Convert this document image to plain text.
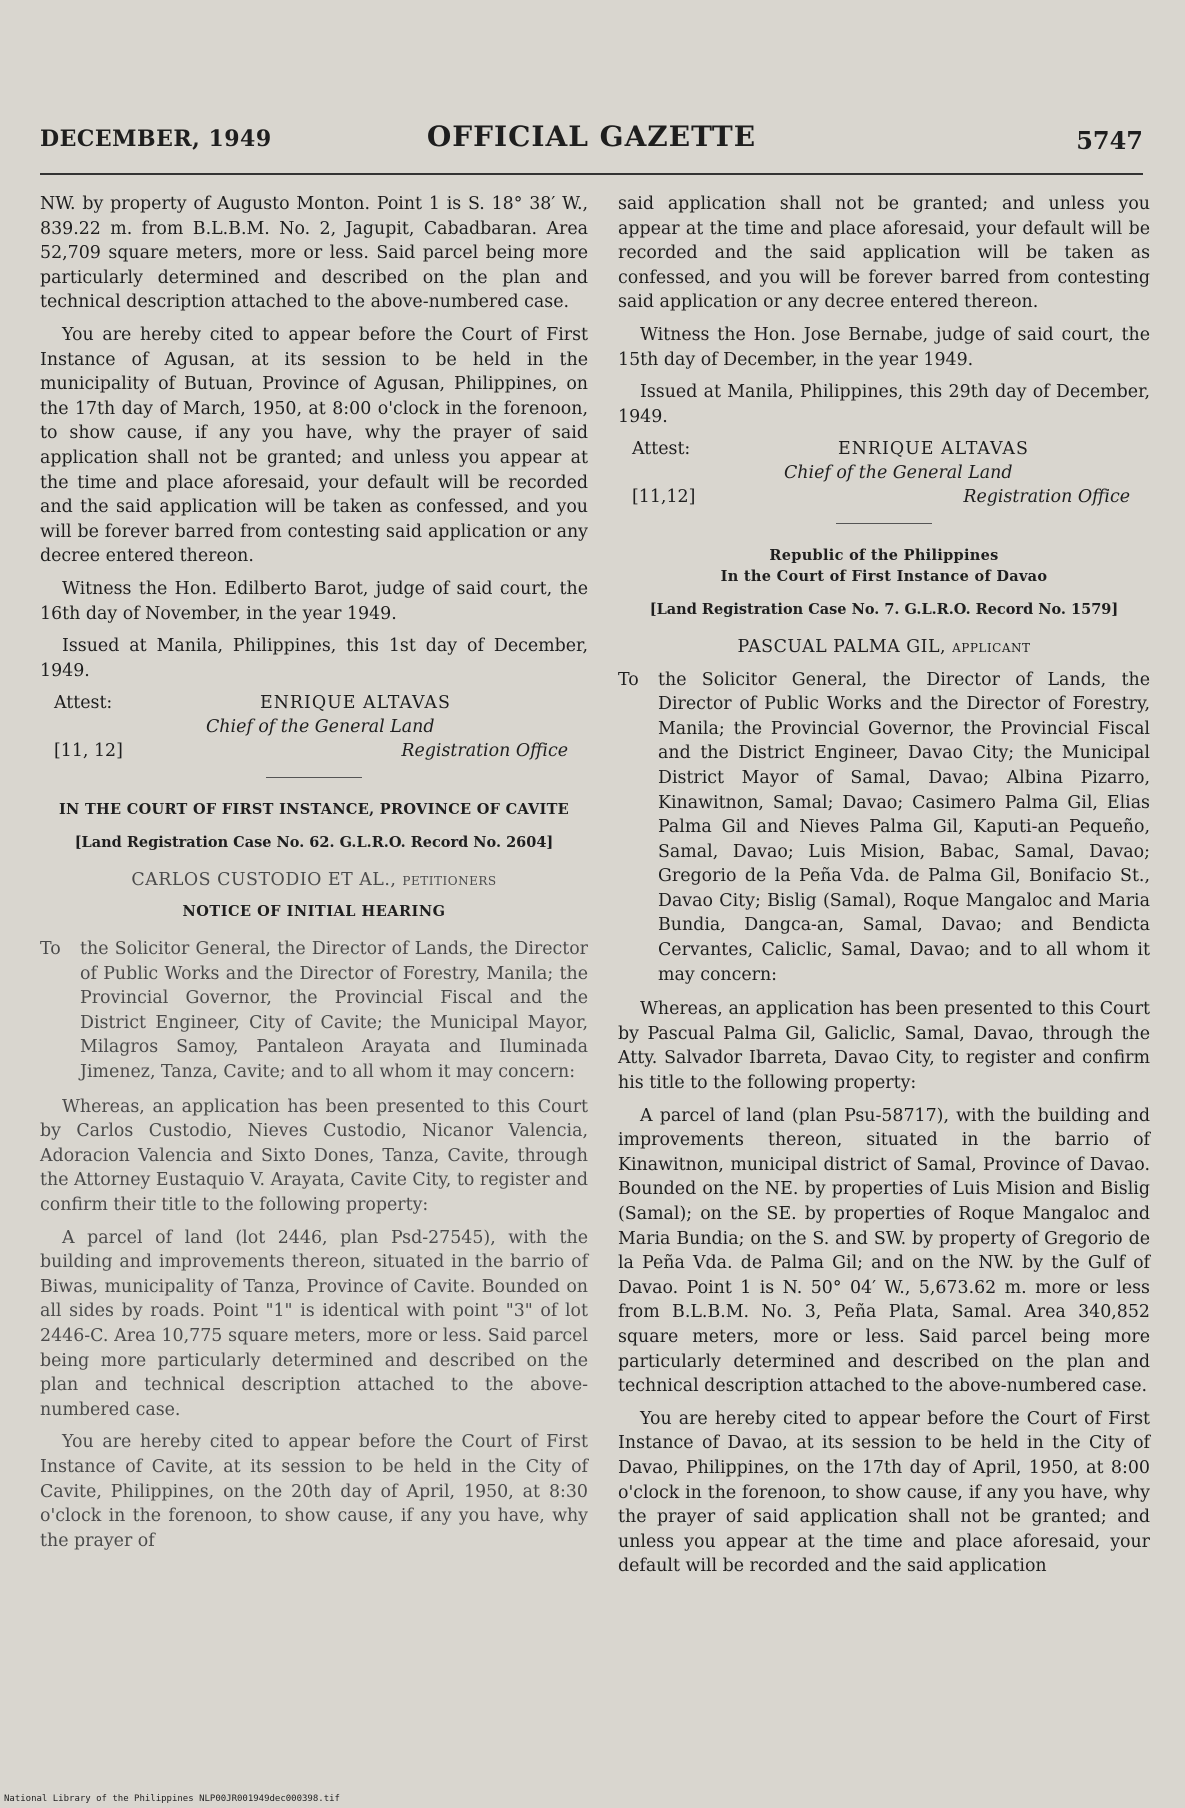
DECEMBER, 1949	OFFICIAL GAZETTE	5747

NW. by property of Augusto Monton. Point 1 is S. 18° 38′ W., 839.22 m. from B.L.B.M. No. 2, Jagupit, Cabadbaran. Area 52,709 square meters, more or less. Said parcel being more particularly determined and described on the plan and technical description attached to the above-numbered case.

You are hereby cited to appear before the Court of First Instance of Agusan, at its session to be held in the municipality of Butuan, Province of Agusan, Philippines, on the 17th day of March, 1950, at 8:00 o'clock in the forenoon, to show cause, if any you have, why the prayer of said application shall not be granted; and unless you appear at the time and place aforesaid, your default will be recorded and the said application will be taken as confessed, and you will be forever barred from contesting said application or any decree entered thereon.

Witness the Hon. Edilberto Barot, judge of said court, the 16th day of November, in the year 1949.

Issued at Manila, Philippines, this 1st day of December, 1949.

Attest:	ENRIQUE ALTAVAS
Chief of the General Land
[11, 12]	Registration Office
IN THE COURT OF FIRST INSTANCE, PROVINCE OF CAVITE
[Land Registration Case No. 62. G.L.R.O. Record No. 2604]
CARLOS CUSTODIO ET AL., petitioners
NOTICE OF INITIAL HEARING
To the Solicitor General, the Director of Lands, the Director of Public Works and the Director of Forestry, Manila; the Provincial Governor, the Provincial Fiscal and the District Engineer, City of Cavite; the Municipal Mayor, Milagros Samoy, Pantaleon Arayata and Iluminada Jimenez, Tanza, Cavite; and to all whom it may concern:

Whereas, an application has been presented to this Court by Carlos Custodio, Nieves Custodio, Nicanor Valencia, Adoracion Valencia and Sixto Dones, Tanza, Cavite, through the Attorney Eustaquio V. Arayata, Cavite City, to register and confirm their title to the following property:

A parcel of land (lot 2446, plan Psd-27545), with the building and improvements thereon, situated in the barrio of Biwas, municipality of Tanza, Province of Cavite. Bounded on all sides by roads. Point "1" is identical with point "3" of lot 2446-C. Area 10,775 square meters, more or less. Said parcel being more particularly determined and described on the plan and technical description attached to the above-numbered case.

You are hereby cited to appear before the Court of First Instance of Cavite, at its session to be held in the City of Cavite, Philippines, on the 20th day of April, 1950, at 8:30 o'clock in the forenoon, to show cause, if any you have, why the prayer of

said application shall not be granted; and unless you appear at the time and place aforesaid, your default will be recorded and the said application will be taken as confessed, and you will be forever barred from contesting said application or any decree entered thereon.

Witness the Hon. Jose Bernabe, judge of said court, the 15th day of December, in the year 1949.

Issued at Manila, Philippines, this 29th day of December, 1949.

Attest:	ENRIQUE ALTAVAS
Chief of the General Land
[11,12]	Registration Office
Republic of the Philippines
In the Court of First Instance of Davao
[Land Registration Case No. 7. G.L.R.O. Record No. 1579]
PASCUAL PALMA GIL, applicant
To the Solicitor General, the Director of Lands, the Director of Public Works and the Director of Forestry, Manila; the Provincial Governor, the Provincial Fiscal and the District Engineer, Davao City; the Municipal District Mayor of Samal, Davao; Albina Pizarro, Kinawitnon, Samal; Davao; Casimero Palma Gil, Elias Palma Gil and Nieves Palma Gil, Kaputi-an Pequeño, Samal, Davao; Luis Mision, Babac, Samal, Davao; Gregorio de la Peña Vda. de Palma Gil, Bonifacio St., Davao City; Bislig (Samal), Roque Mangaloc and Maria Bundia, Dangca-an, Samal, Davao; and Bendicta Cervantes, Caliclic, Samal, Davao; and to all whom it may concern:

Whereas, an application has been presented to this Court by Pascual Palma Gil, Galiclic, Samal, Davao, through the Atty. Salvador Ibarreta, Davao City, to register and confirm his title to the following property:

A parcel of land (plan Psu-58717), with the building and improvements thereon, situated in the barrio of Kinawitnon, municipal district of Samal, Province of Davao. Bounded on the NE. by properties of Luis Mision and Bislig (Samal); on the SE. by properties of Roque Mangaloc and Maria Bundia; on the S. and SW. by property of Gregorio de la Peña Vda. de Palma Gil; and on the NW. by the Gulf of Davao. Point 1 is N. 50° 04′ W., 5,673.62 m. more or less from B.L.B.M. No. 3, Peña Plata, Samal. Area 340,852 square meters, more or less. Said parcel being more particularly determined and described on the plan and technical description attached to the above-numbered case.

You are hereby cited to appear before the Court of First Instance of Davao, at its session to be held in the City of Davao, Philippines, on the 17th day of April, 1950, at 8:00 o'clock in the forenoon, to show cause, if any you have, why the prayer of said application shall not be granted; and unless you appear at the time and place aforesaid, your default will be recorded and the said application

National Library of the Philippines NLP00JR001949dec000398.tif
